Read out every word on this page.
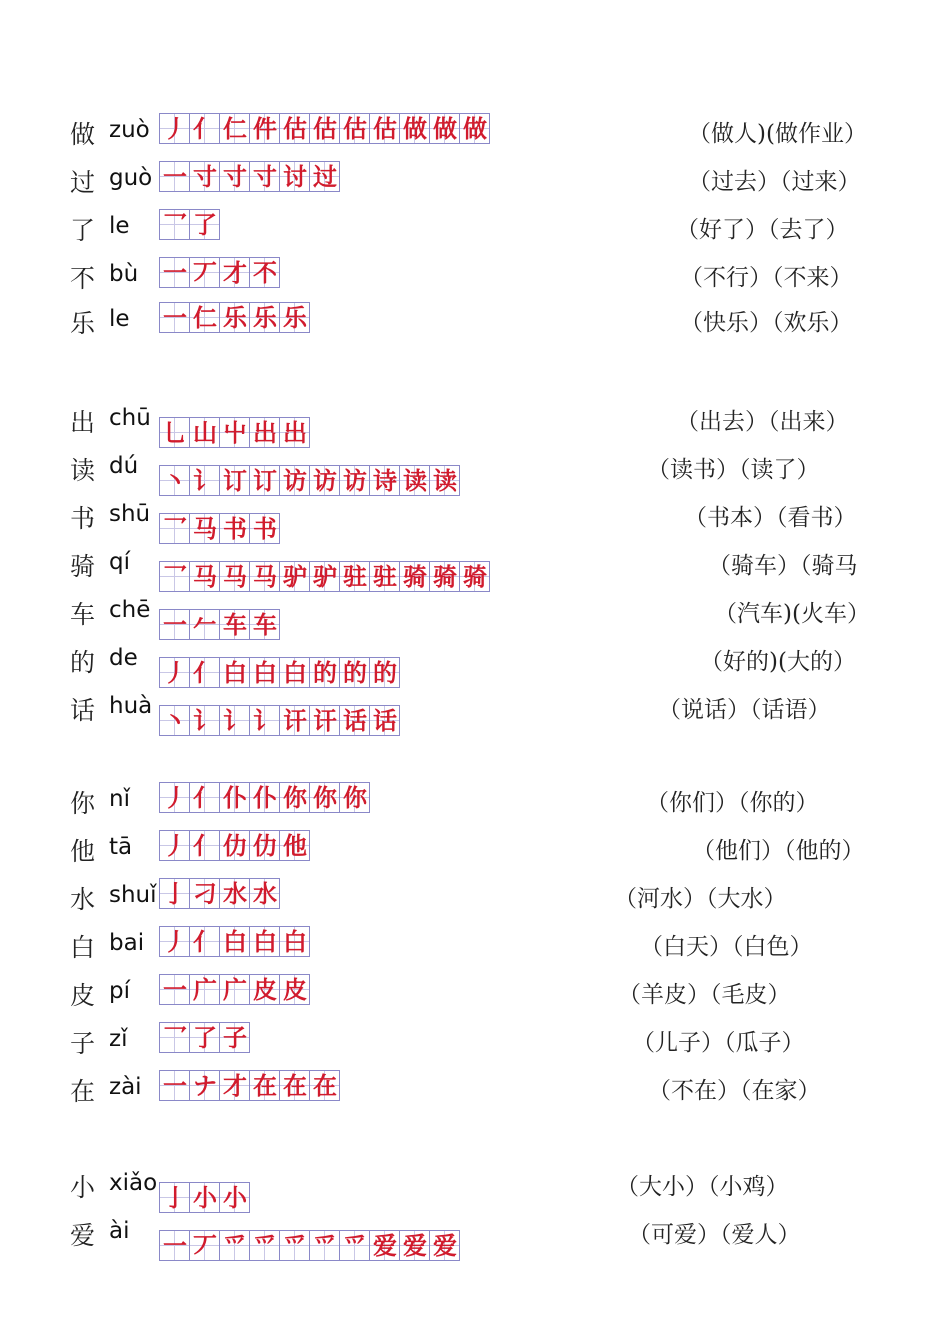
做 zuò 丿 亻 仁 件 估 估 估 估 做 做 做	（做人)(做作业）
过 guò 一 寸 寸 寸 讨 过	（过去）（过来）
了 le 乛 了	（好了）（去了）
不 bù 一 丆 才 不	（不行）（不来）
乐 le 一 仁 乐 乐 乐	（快乐）（欢乐）
出 chū 乚 山 屮 出 出	（出去）（出来）
读 dú 丶 讠 订 订 访 访 访 诗 读 读	（读书）（读了）
书 shū 乛 马 书 书	（书本）（看书）
骑 qí 乛 马 马 马 驴 驴 驻 驻 骑 骑 骑	（骑车）（骑马
车 chē 一 𠂉 车 车	（汽车)(火车）
的 de 丿 亻 白 白 白 的 的 的	（好的)(大的）
话 huà 丶 讠 讠 讠 讦 讦 话 话	（说话）（话语）
你 nǐ 丿 亻 仆 仆 你 你 你	（你们）（你的）
他 tā 丿 亻 仂 仂 他	（他们）（他的）
水 shuǐ 亅 刁 水 水	（河水）（大水）
白 bai 丿 亻 白 白 白	（白天）（白色）
皮 pí 一 广 广 皮 皮	（羊皮）（毛皮）
子 zǐ 乛 了 子	（儿子）（瓜子）
在 zài 一 ナ 才 在 在 在	（不在）（在家）
小 xiǎo 亅 小 小	（大小）（小鸡）
爱 ài 一 丆 爫 爫 爫 爫 爫 爱 爱 爱	（可爱）（爱人）
